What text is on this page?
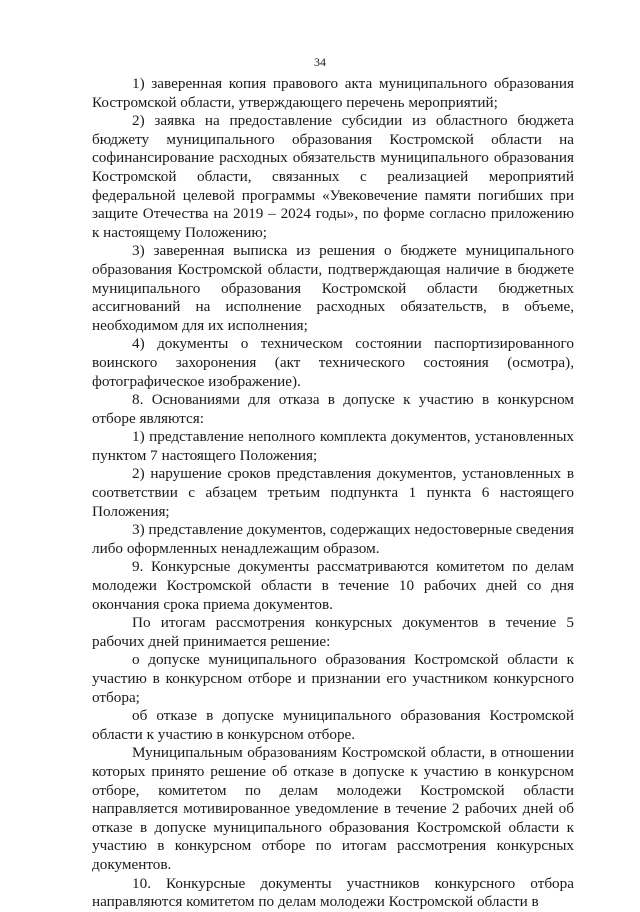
34

1) заверенная копия правового акта муниципального образования Костромской области, утверждающего перечень мероприятий;

2) заявка на предоставление субсидии из областного бюджета бюджету муниципального образования Костромской области на софинансирование расходных обязательств муниципального образования Костромской области, связанных с реализацией мероприятий федеральной целевой программы «Увековечение памяти погибших при защите Отечества на 2019 – 2024 годы», по форме согласно приложению к настоящему Положению;

3) заверенная выписка из решения о бюджете муниципального образования Костромской области, подтверждающая наличие в бюджете муниципального образования Костромской области бюджетных ассигнований на исполнение расходных обязательств, в объеме, необходимом для их исполнения;

4) документы о техническом состоянии паспортизированного воинского захоронения (акт технического состояния (осмотра), фотографическое изображение).

8. Основаниями для отказа в допуске к участию в конкурсном отборе являются:

1) представление неполного комплекта документов, установленных пунктом 7 настоящего Положения;

2) нарушение сроков представления документов, установленных в соответствии с абзацем третьим подпункта 1 пункта 6 настоящего Положения;

3) представление документов, содержащих недостоверные сведения либо оформленных ненадлежащим образом.

9. Конкурсные документы рассматриваются комитетом по делам молодежи Костромской области в течение 10 рабочих дней со дня окончания срока приема документов.

По итогам рассмотрения конкурсных документов в течение 5 рабочих дней принимается решение:

о допуске муниципального образования Костромской области к участию в конкурсном отборе и признании его участником конкурсного отбора;

об отказе в допуске муниципального образования Костромской области к участию в конкурсном отборе.

Муниципальным образованиям Костромской области, в отношении которых принято решение об отказе в допуске к участию в конкурсном отборе, комитетом по делам молодежи Костромской области направляется мотивированное уведомление в течение 2 рабочих дней об отказе в допуске муниципального образования Костромской области к участию в конкурсном отборе по итогам рассмотрения конкурсных документов.

10. Конкурсные документы участников конкурсного отбора направляются комитетом по делам молодежи Костромской области в
